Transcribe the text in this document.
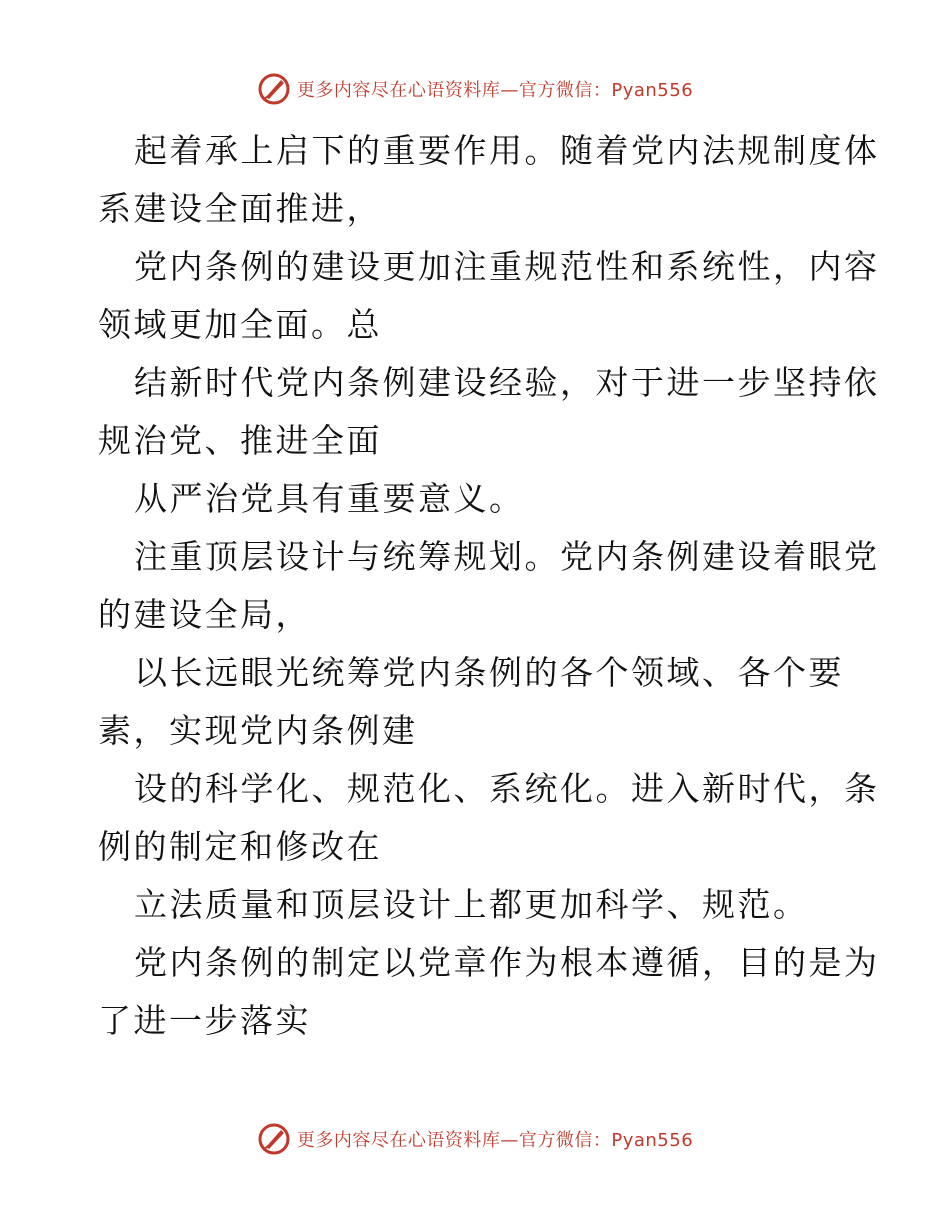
更多内容尽在心语资料库—官方微信：Pyan556
起着承上启下的重要作用。随着党内法规制度体
系建设全面推进，
党内条例的建设更加注重规范性和系统性，内容
领域更加全面。总
结新时代党内条例建设经验，对于进一步坚持依
规治党、推进全面
从严治党具有重要意义。
注重顶层设计与统筹规划。党内条例建设着眼党
的建设全局，
以长远眼光统筹党内条例的各个领域、各个要
素，实现党内条例建
设的科学化、规范化、系统化。进入新时代，条
例的制定和修改在
立法质量和顶层设计上都更加科学、规范。
党内条例的制定以党章作为根本遵循，目的是为
了进一步落实
更多内容尽在心语资料库—官方微信：Pyan556
